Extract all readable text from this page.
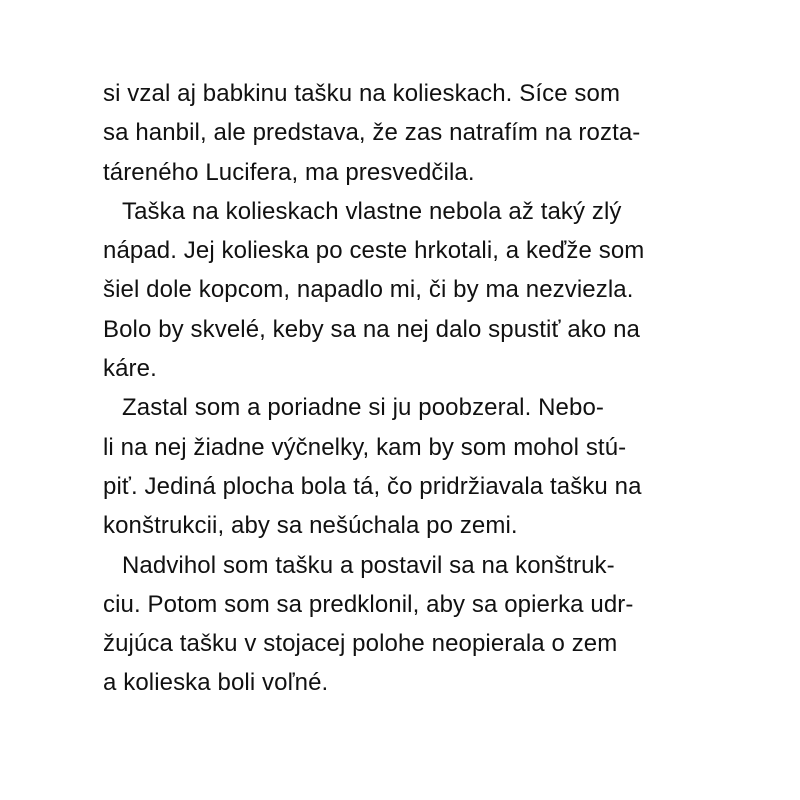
si vzal aj babkinu tašku na kolieskach. Síce som
sa hanbil, ale predstava, že zas natrafím na rozta-
táreného Lucifera, ma presvedčila.

Taška na kolieskach vlastne nebola až taký zlý
nápad. Jej kolieska po ceste hrkotali, a keďže som
šiel dole kopcom, napadlo mi, či by ma nezviezla.
Bolo by skvelé, keby sa na nej dalo spustiť ako na
káre.

Zastal som a poriadne si ju poobzeral. Nebo-
li na nej žiadne výčnelky, kam by som mohol stú-
piť. Jediná plocha bola tá, čo pridržiavala tašku na
konštrukcii, aby sa nešúchala po zemi.

Nadvihol som tašku a postavil sa na konštruk-
ciu. Potom som sa predklonil, aby sa opierka udr-
žujúca tašku v stojacej polohe neopierala o zem
a kolieska boli voľné.
